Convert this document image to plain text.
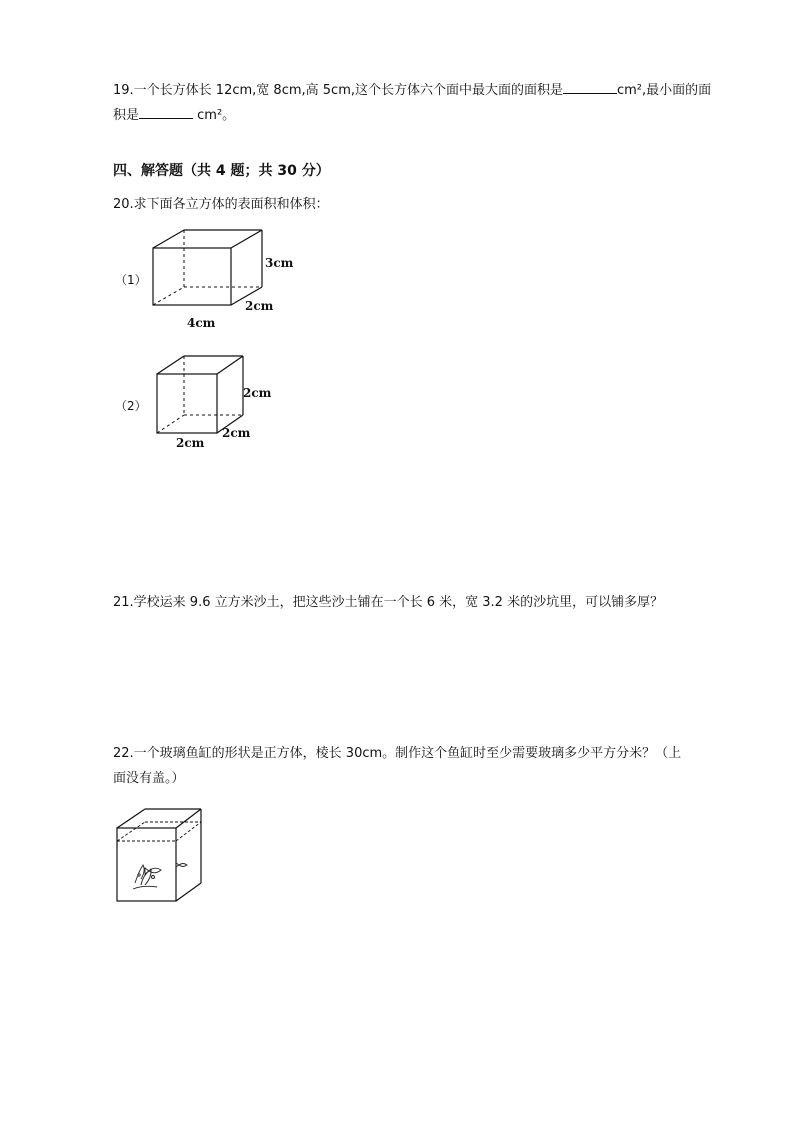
19.一个长方体长 12cm,宽 8cm,高 5cm,这个长方体六个面中最大面的面积是	cm²,最小面的面
积是	cm²。
四、解答题（共 4 题；共 30 分）
20.求下面各立方体的表面积和体积：
（1）
3cm
2cm
4cm
（2）
2cm
2cm
2cm
21.学校运来 9.6 立方米沙土，把这些沙土铺在一个长 6 米，宽 3.2 米的沙坑里，可以铺多厚？
22.一个玻璃鱼缸的形状是正方体，棱长 30cm。制作这个鱼缸时至少需要玻璃多少平方分米？（上
面没有盖。）
